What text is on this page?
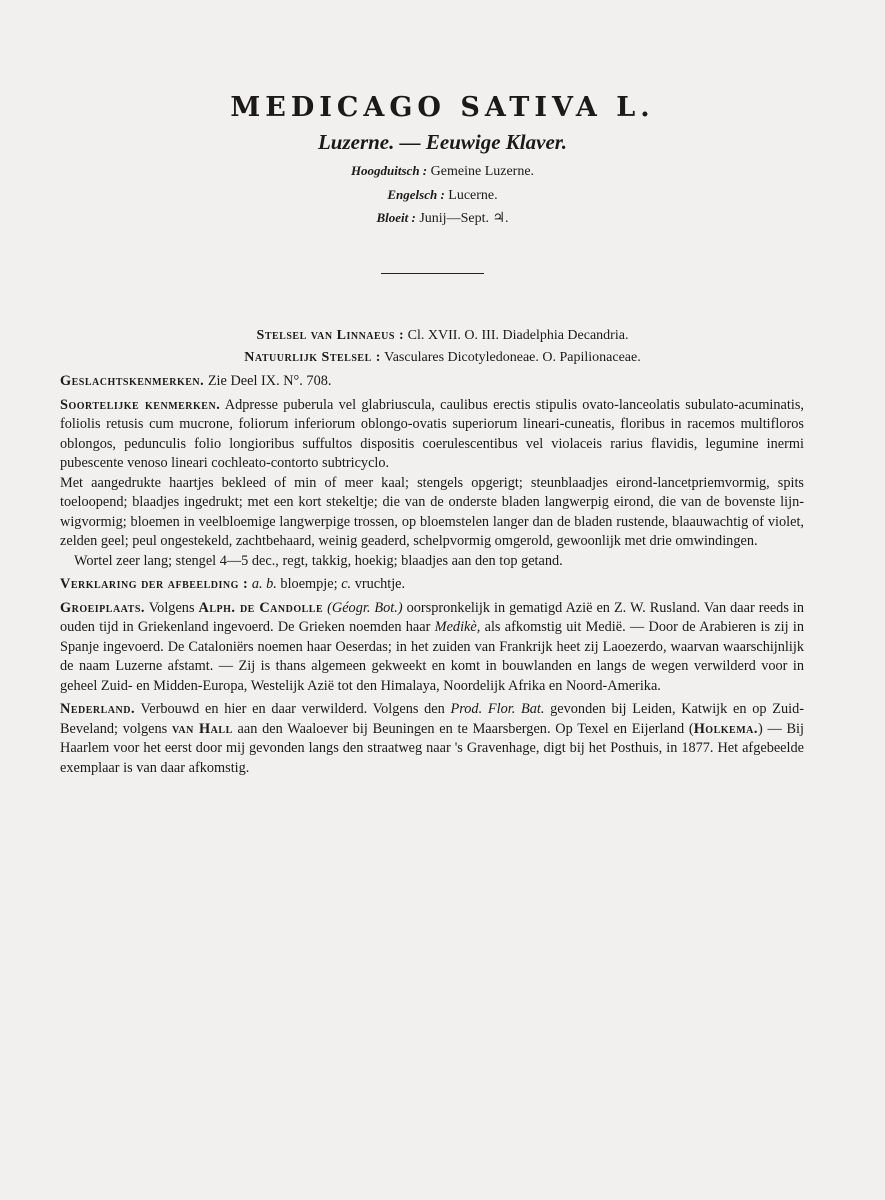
MEDICAGO SATIVA L.
Luzerne. — Eeuwige Klaver.
Hoogduitsch : Gemeine Luzerne.
Engelsch : Lucerne.
Bloeit : Junij—Sept. ♃.
Stelsel van Linnaeus : Cl. XVII. O. III. Diadelphia Decandria.
Natuurlijk Stelsel : Vasculares Dicotyledoneae. O. Papilionaceae.

Geslachtskenmerken. Zie Deel IX. N°. 708.

Soortelijke kenmerken. Adpresse puberula vel glabriuscula, caulibus erectis stipulis ovato-lanceolatis subulato-acuminatis, foliolis retusis cum mucrone, foliorum inferiorum oblongo-ovatis superiorum lineari-cuneatis, floribus in racemos multifloros oblongos, pedunculis folio longioribus suffultos dispositis coerulescentibus vel violaceis rarius flavidis, legumine inermi pubescente venoso lineari cochleato-contorto subtricyclo.

Met aangedrukte haartjes bekleed of min of meer kaal; stengels opgerigt; steunblaadjes eirond-lancetpriemvormig, spits toeloopend; blaadjes ingedrukt; met een kort stekeltje; die van de onderste bladen langwerpig eirond, die van de bovenste lijn-wigvormig; bloemen in veelbloemige langwerpige trossen, op bloemstelen langer dan de bladen rustende, blaauwachtig of violet, zelden geel; peul ongestekeld, zachtbehaard, weinig geaderd, schelpvormig omgerold, gewoonlijk met drie omwindingen.

Wortel zeer lang; stengel 4—5 dec., regt, takkig, hoekig; blaadjes aan den top getand.

Verklaring der afbeelding : a. b. bloempje; c. vruchtje.

Groeiplaats. Volgens Alph. de Candolle (Géogr. Bot.) oorspronkelijk in gematigd Azië en Z. W. Rusland. Van daar reeds in ouden tijd in Griekenland ingevoerd. De Grieken noemden haar Medikè, als afkomstig uit Medië. — Door de Arabieren is zij in Spanje ingevoerd. De Cataloniërs noemen haar Oeserdas; in het zuiden van Frankrijk heet zij Laoezerdo, waarvan waarschijnlijk de naam Luzerne afstamt. — Zij is thans algemeen gekweekt en komt in bouwlanden en langs de wegen verwilderd voor in geheel Zuid- en Midden-Europa, Westelijk Azië tot den Himalaya, Noordelijk Afrika en Noord-Amerika.

Nederland. Verbouwd en hier en daar verwilderd. Volgens den Prod. Flor. Bat. gevonden bij Leiden, Katwijk en op Zuid-Beveland; volgens van Hall aan den Waaloever bij Beuningen en te Maarsbergen. Op Texel en Eijerland (Holkema.) — Bij Haarlem voor het eerst door mij gevonden langs den straatweg naar 's Gravenhage, digt bij het Posthuis, in 1877. Het afgebeelde exemplaar is van daar afkomstig.
